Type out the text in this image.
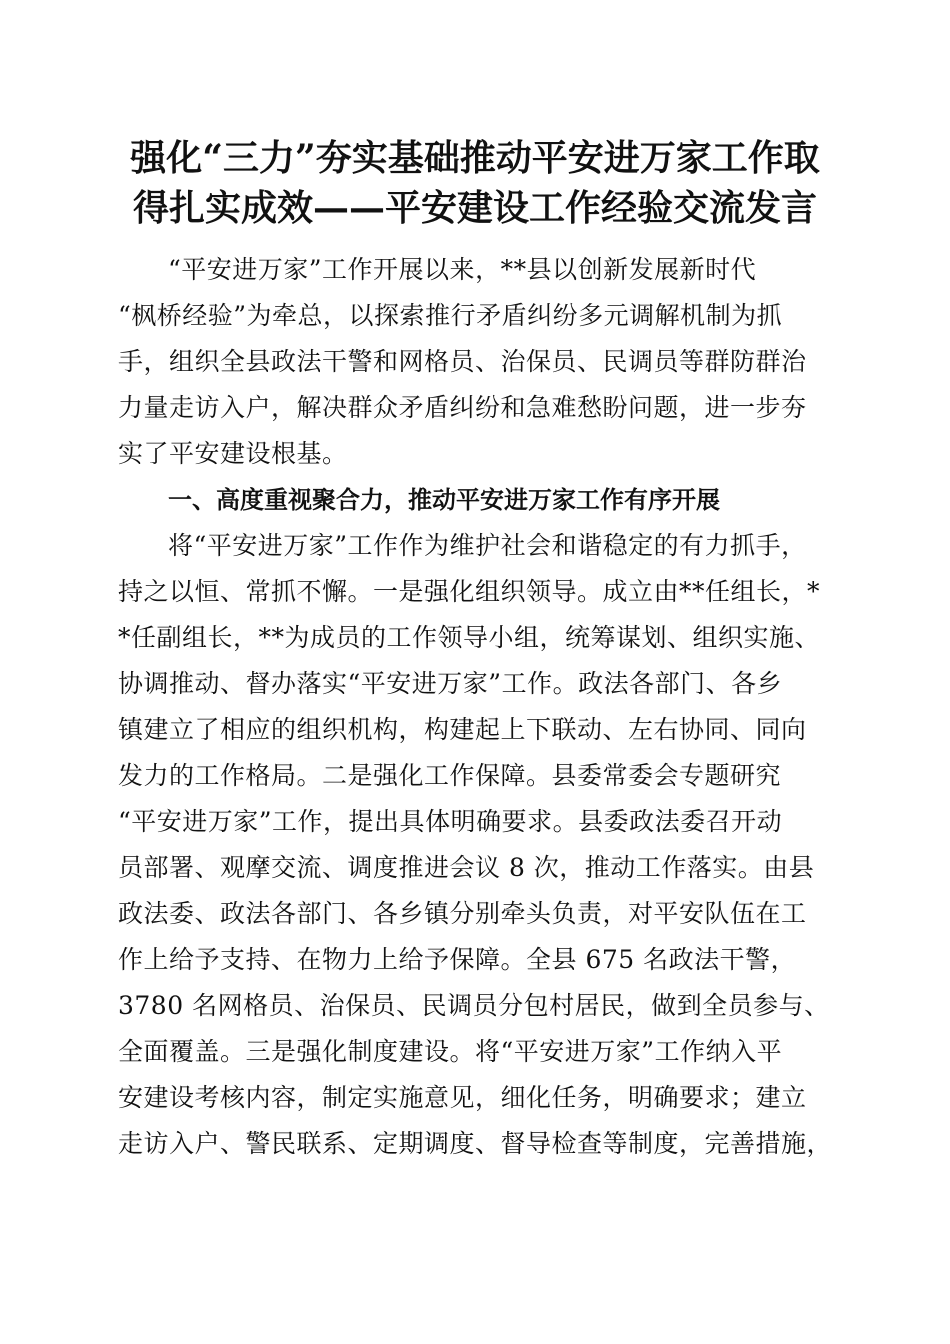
强化“三力”夯实基础推动平安进万家工作取
得扎实成效——平安建设工作经验交流发言
“平安进万家”工作开展以来，**县以创新发展新时代
“枫桥经验”为牵总，以探索推行矛盾纠纷多元调解机制为抓
手，组织全县政法干警和网格员、治保员、民调员等群防群治
力量走访入户，解决群众矛盾纠纷和急难愁盼问题，进一步夯
实了平安建设根基。
一、高度重视聚合力，推动平安进万家工作有序开展
将“平安进万家”工作作为维护社会和谐稳定的有力抓手，
持之以恒、常抓不懈。一是强化组织领导。成立由**任组长，*
*任副组长，**为成员的工作领导小组，统筹谋划、组织实施、
协调推动、督办落实“平安进万家”工作。政法各部门、各乡
镇建立了相应的组织机构，构建起上下联动、左右协同、同向
发力的工作格局。二是强化工作保障。县委常委会专题研究
“平安进万家”工作，提出具体明确要求。县委政法委召开动
员部署、观摩交流、调度推进会议 8 次，推动工作落实。由县
政法委、政法各部门、各乡镇分别牵头负责，对平安队伍在工
作上给予支持、在物力上给予保障。全县 675 名政法干警，
3780 名网格员、治保员、民调员分包村居民，做到全员参与、
全面覆盖。三是强化制度建设。将“平安进万家”工作纳入平
安建设考核内容，制定实施意见，细化任务，明确要求；建立
走访入户、警民联系、定期调度、督导检查等制度，完善措施，
